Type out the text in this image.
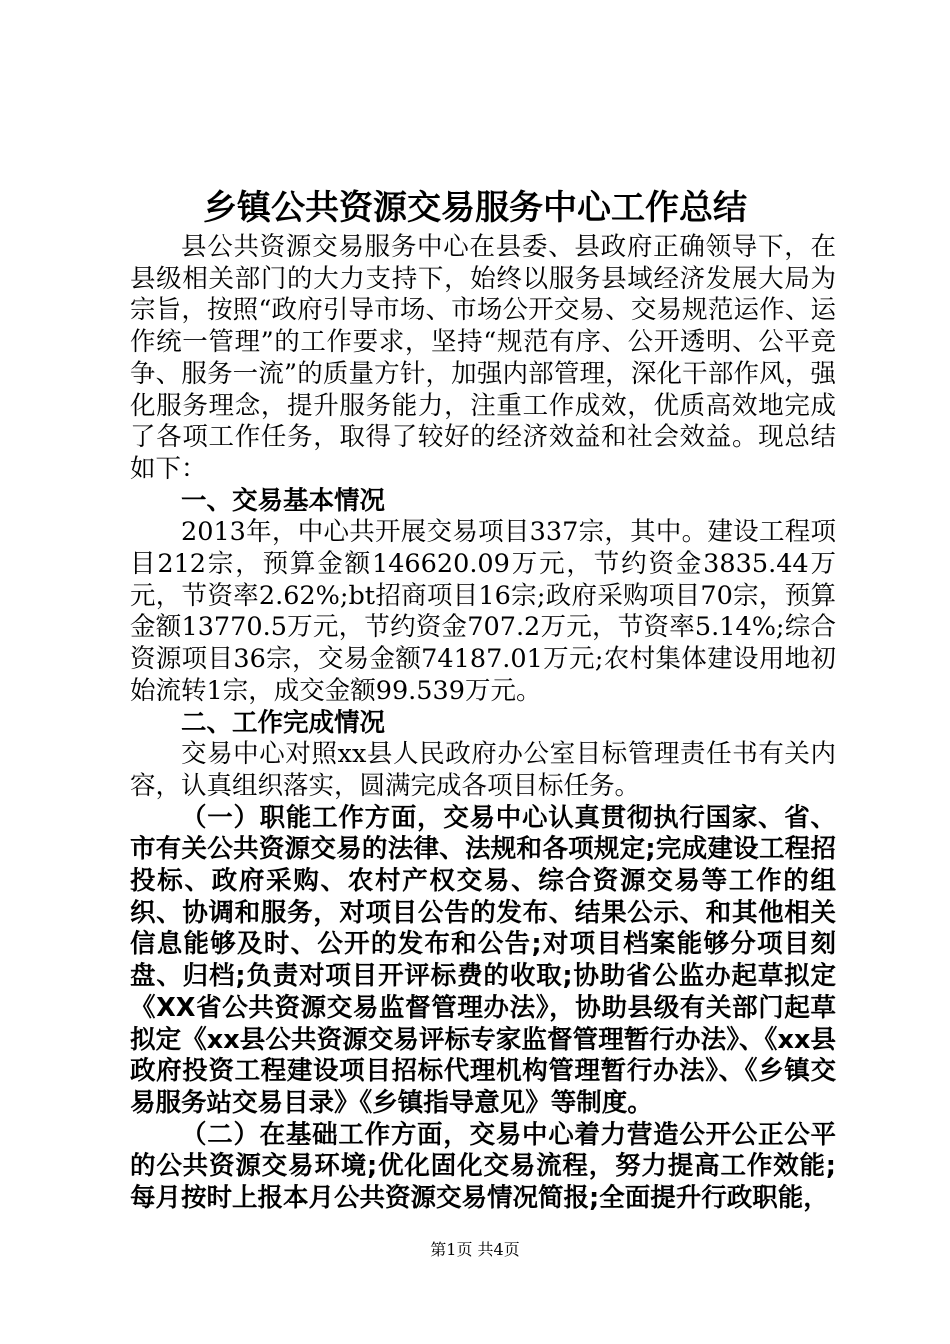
乡镇公共资源交易服务中心工作总结

县公共资源交易服务中心在县委、县政府正确领导下，在县级相关部门的大力支持下，始终以服务县域经济发展大局为宗旨，按照“政府引导市场、市场公开交易、交易规范运作、运作统一管理”的工作要求，坚持“规范有序、公开透明、公平竞争、服务一流”的质量方针，加强内部管理，深化干部作风，强化服务理念，提升服务能力，注重工作成效，优质高效地完成了各项工作任务，取得了较好的经济效益和社会效益。现总结如下：

一、交易基本情况

2013年，中心共开展交易项目337宗，其中。建设工程项目212宗，预算金额146620.09万元，节约资金3835.44万元，节资率2.62%;bt招商项目16宗;政府采购项目70宗，预算金额13770.5万元，节约资金707.2万元，节资率5.14%;综合资源项目36宗，交易金额74187.01万元;农村集体建设用地初始流转1宗，成交金额99.539万元。

二、工作完成情况

交易中心对照xx县人民政府办公室目标管理责任书有关内容，认真组织落实，圆满完成各项目标任务。

（一）职能工作方面，交易中心认真贯彻执行国家、省、市有关公共资源交易的法律、法规和各项规定;完成建设工程招投标、政府采购、农村产权交易、综合资源交易等工作的组织、协调和服务，对项目公告的发布、结果公示、和其他相关信息能够及时、公开的发布和公告;对项目档案能够分项目刻盘、归档;负责对项目开评标费的收取;协助省公监办起草拟定《XX省公共资源交易监督管理办法》，协助县级有关部门起草拟定《xx县公共资源交易评标专家监督管理暂行办法》、《xx县政府投资工程建设项目招标代理机构管理暂行办法》、《乡镇交易服务站交易目录》《乡镇指导意见》等制度。

（二）在基础工作方面，交易中心着力营造公开公正公平的公共资源交易环境;优化固化交易流程，努力提高工作效能;每月按时上报本月公共资源交易情况简报;全面提升行政职能，

第1页 共4页
